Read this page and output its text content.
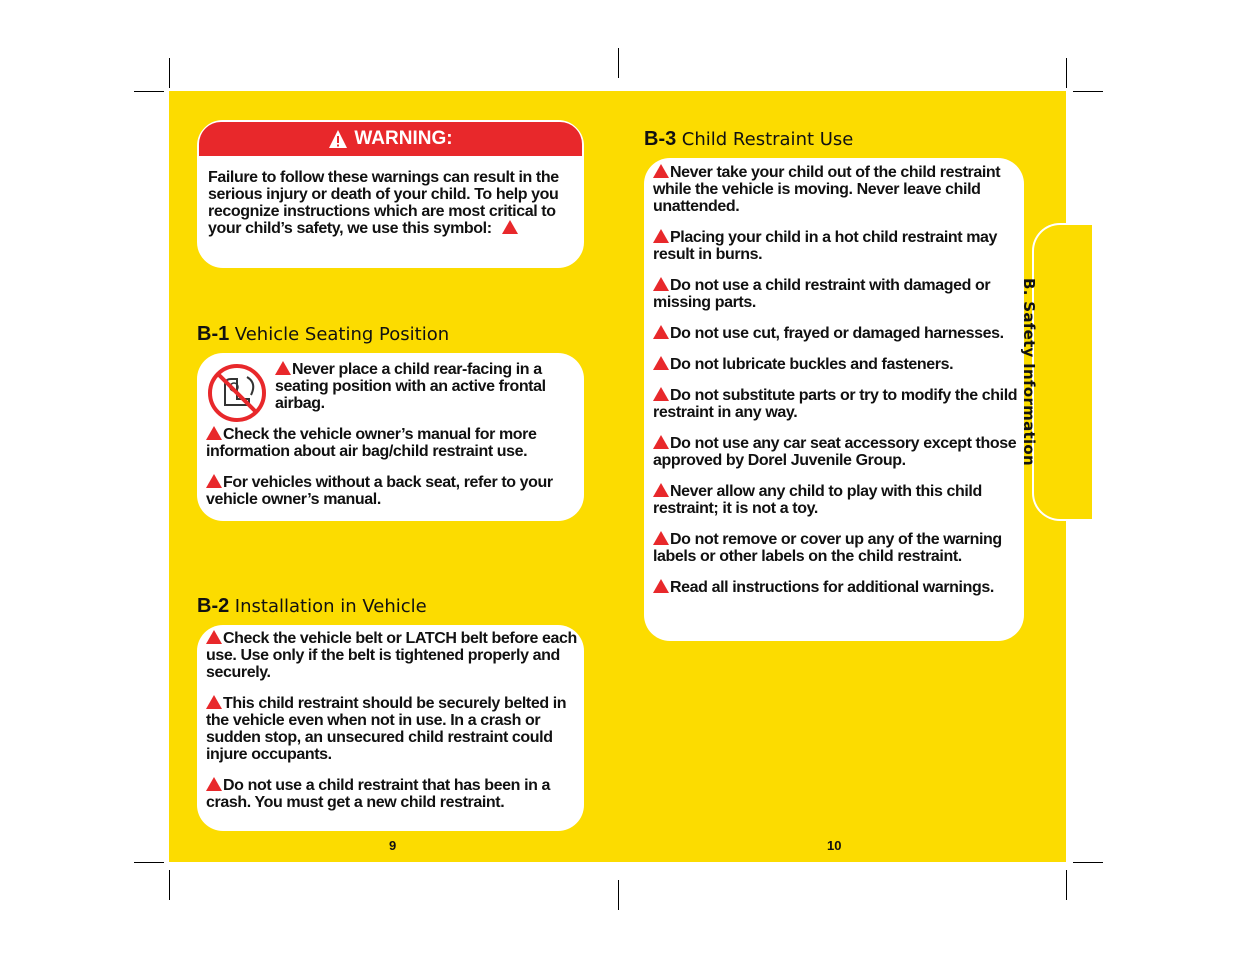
WARNING:
Failure to follow these warnings can result in the serious injury or death of your child. To help you recognize instructions which are most critical to your child’s safety, we use this symbol:
B-1 Vehicle Seating Position
Never place a child rear-facing in a seating position with an active frontal airbag.
Check the vehicle owner’s manual for more information about air bag/child restraint use.
For vehicles without a back seat, refer to your vehicle owner’s manual.
B-2 Installation in Vehicle
Check the vehicle belt or LATCH belt before each use. Use only if the belt is tightened properly and securely.
This child restraint should be securely belted in the vehicle even when not in use. In a crash or sudden stop, an unsecured child restraint could injure occupants.
Do not use a child restraint that has been in a crash. You must get a new child restraint.
B-3 Child Restraint Use
Never take your child out of the child restraint while the vehicle is moving. Never leave child unattended.
Placing your child in a hot child restraint may result in burns.
Do not use a child restraint with damaged or missing parts.
Do not use cut, frayed or damaged harnesses.
Do not lubricate buckles and fasteners.
Do not substitute parts or try to modify the child restraint in any way.
Do not use any car seat accessory except those approved by Dorel Juvenile Group.
Never allow any child to play with this child restraint; it is not a toy.
Do not remove or cover up any of the warning labels or other labels on the child restraint.
Read all instructions for additional warnings.
B. Safety Information
9	10
